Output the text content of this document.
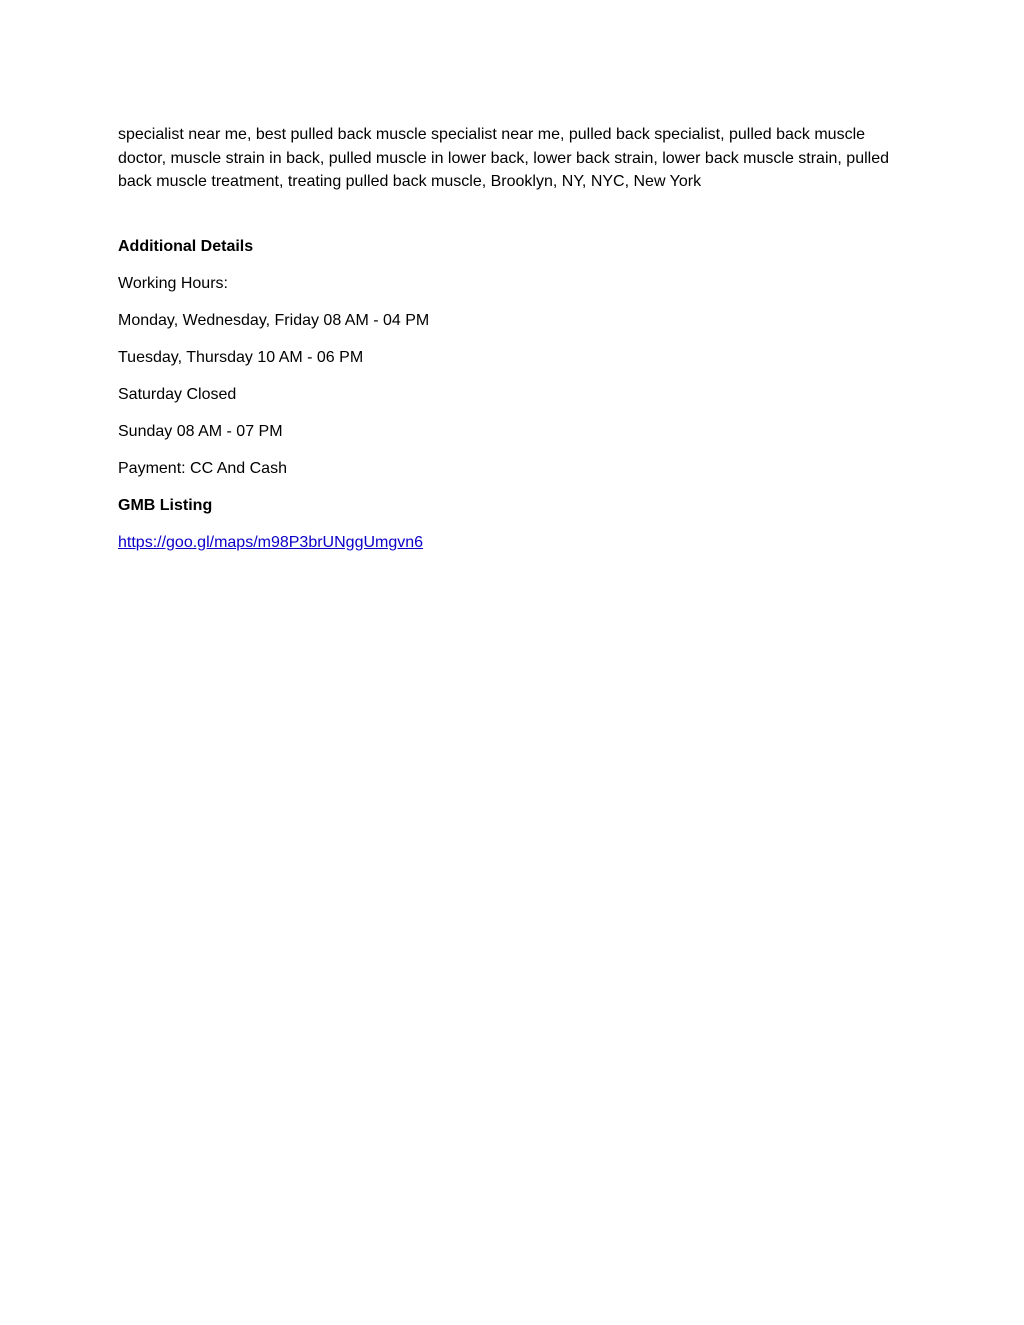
specialist near me, best pulled back muscle specialist near me, pulled back specialist, pulled back muscle doctor, muscle strain in back, pulled muscle in lower back, lower back strain, lower back muscle strain, pulled back muscle treatment, treating pulled back muscle, Brooklyn, NY, NYC, New York

Additional Details

Working Hours:

Monday, Wednesday, Friday 08 AM - 04 PM

Tuesday, Thursday 10 AM - 06 PM

Saturday Closed

Sunday 08 AM - 07 PM

Payment: CC And Cash

GMB Listing

https://goo.gl/maps/m98P3brUNggUmgvn6
